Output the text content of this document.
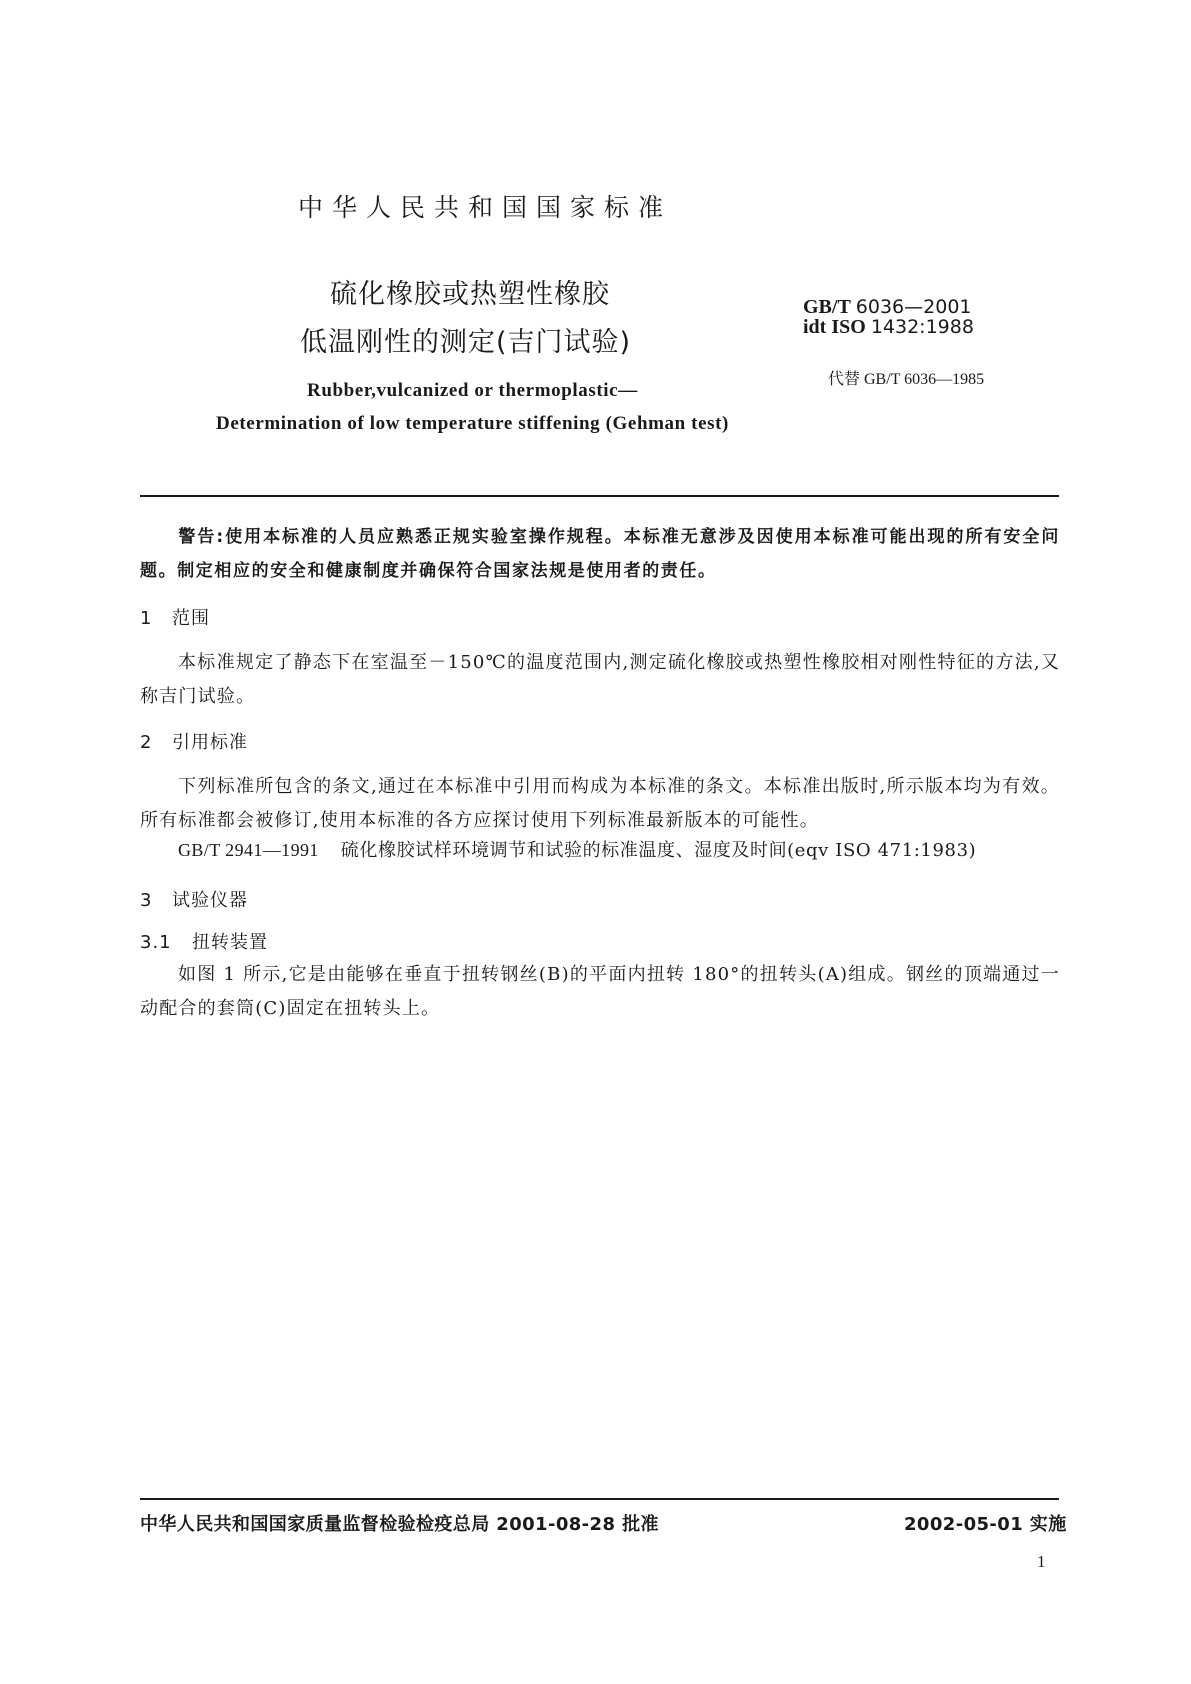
中华人民共和国国家标准
硫化橡胶或热塑性橡胶
低温刚性的测定(吉门试验)
GB/T 6036—2001
idt ISO 1432:1988
代替 GB/T 6036—1985
Rubber,vulcanized or thermoplastic—
Determination of low temperature stiffening (Gehman test)
警告:使用本标准的人员应熟悉正规实验室操作规程。本标准无意涉及因使用本标准可能出现的所有安全问题。制定相应的安全和健康制度并确保符合国家法规是使用者的责任。
1 范围
本标准规定了静态下在室温至－150℃的温度范围内,测定硫化橡胶或热塑性橡胶相对刚性特征的方法,又称吉门试验。
2 引用标准
下列标准所包含的条文,通过在本标准中引用而构成为本标准的条文。本标准出版时,所示版本均为有效。所有标准都会被修订,使用本标准的各方应探讨使用下列标准最新版本的可能性。
GB/T 2941—1991 硫化橡胶试样环境调节和试验的标准温度、湿度及时间(eqv ISO 471:1983)
3 试验仪器
3.1 扭转装置
如图 1 所示,它是由能够在垂直于扭转钢丝(B)的平面内扭转 180°的扭转头(A)组成。钢丝的顶端通过一动配合的套筒(C)固定在扭转头上。
中华人民共和国国家质量监督检验检疫总局 2001-08-28 批准	2002-05-01 实施
1
